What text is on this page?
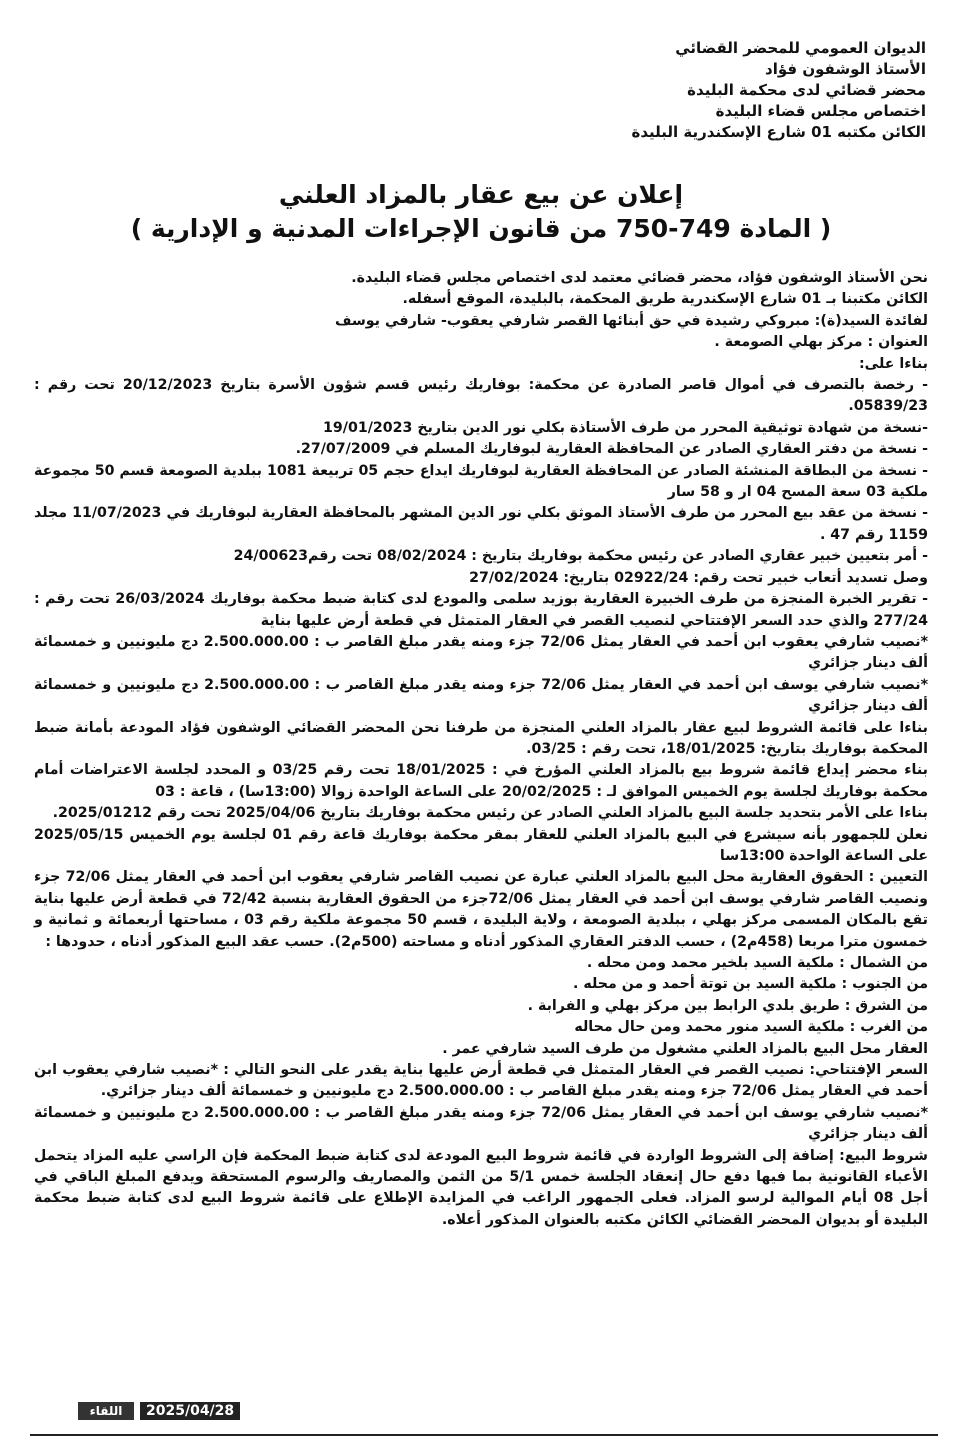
الديوان العمومي للمحضر القضائي
الأستاذ الوشفون فؤاد
محضر قضائي لدى محكمة البليدة
اختصاص مجلس قضاء البليدة
الكائن مكتبه 01 شارع الإسكندرية البليدة
إعلان عن بيع عقار بالمزاد العلني
( المادة 749-750 من قانون الإجراءات المدنية و الإدارية )

نحن الأستاذ الوشفون فؤاد، محضر قضائي معتمد لدى اختصاص مجلس قضاء البليدة.

الكائن مكتبنا بـ 01 شارع الإسكندرية طريق المحكمة، بالبليدة، الموقع أسفله.

لفائدة السيد(ة): مبروكي رشيدة في حق أبنائها القصر شارفي يعقوب- شارفي يوسف

العنوان : مركز بهلي الصومعة .

بناءا على:

- رخصة بالتصرف في أموال قاصر الصادرة عن محكمة: بوفاريك رئيس قسم شؤون الأسرة بتاريخ 20/12/2023 تحت رقم : 05839/23.

-نسخة من شهادة توثيقية المحرر من طرف الأستاذة بكلي نور الدين بتاريخ 19/01/2023

- نسخة من دفتر العقاري الصادر عن المحافظة العقارية لبوفاريك المسلم في 27/07/2009.

- نسخة من البطاقة المنشئة الصادر عن المحافظة العقارية لبوفاريك ايداع حجم 05 تربيعة 1081 ببلدية الصومعة قسم 50 مجموعة ملكية 03 سعة المسح 04 ار و 58 سار

- نسخة من عقد بيع المحرر من طرف الأستاذ الموثق بكلي نور الدين المشهر بالمحافظة العقارية لبوفاريك في 11/07/2023 مجلد 1159 رقم 47 .

- أمر بتعيين خبير عقاري الصادر عن رئيس محكمة بوفاريك بتاريخ : 08/02/2024 تحت رقم24/00623

وصل تسديد أتعاب خبير تحت رقم: 02922/24 بتاريخ: 27/02/2024

- تقرير الخبرة المنجزة من طرف الخبيرة العقارية بوزيد سلمى والمودع لدى كتابة ضبط محكمة بوفاريك 26/03/2024 تحت رقم : 277/24 والذي حدد السعر الإفتتاحي لنصيب القصر في العقار المتمثل في قطعة أرض عليها بناية

*نصيب شارفي يعقوب ابن أحمد في العقار يمثل 72/06 جزء ومنه يقدر مبلغ القاصر ب : 2.500.000.00 دج مليونيين و خمسمائة ألف دينار جزائري

*نصيب شارفي يوسف ابن أحمد في العقار يمثل 72/06 جزء ومنه يقدر مبلغ القاصر ب : 2.500.000.00 دج مليونيين و خمسمائة ألف دينار جزائري

بناءا على قائمة الشروط لبيع عقار بالمزاد العلني المنجزة من طرفنا نحن المحضر القضائي الوشفون فؤاد المودعة بأمانة ضبط المحكمة بوفاريك بتاريخ: 18/01/2025، تحت رقم : 03/25.

بناء محضر إيداع قائمة شروط بيع بالمزاد العلني المؤرخ في : 18/01/2025 تحت رقم 03/25 و المحدد لجلسة الاعتراضات أمام محكمة بوفاريك لجلسة يوم الخميس الموافق لـ : 20/02/2025 على الساعة الواحدة زوالا (13:00سا) ، قاعة : 03

بناءا على الأمر بتحديد جلسة البيع بالمزاد العلني الصادر عن رئيس محكمة بوفاريك بتاريخ 2025/04/06 تحت رقم 2025/01212.

نعلن للجمهور بأنه سيشرع في البيع بالمزاد العلني للعقار بمقر محكمة بوفاريك قاعة رقم 01 لجلسة يوم الخميس 2025/05/15 على الساعة الواحدة 13:00سا

التعيين : الحقوق العقارية محل البيع بالمزاد العلني عبارة عن نصيب القاصر شارفي يعقوب ابن أحمد في العقار يمثل 72/06 جزء ونصيب القاصر شارفي يوسف ابن أحمد في العقار يمثل 72/06جزء من الحقوق العقارية بنسبة 72/42 في قطعة أرض عليها بناية تقع بالمكان المسمى مركز بهلي ، ببلدية الصومعة ، ولاية البليدة ، قسم 50 مجموعة ملكية رقم 03 ، مساحتها أربعمائة و ثمانية و خمسون مترا مربعا (458م2) ، حسب الدفتر العقاري المذكور أدناه و مساحته (500م2). حسب عقد البيع المذكور أدناه ، حدودها :

من الشمال : ملكية السيد بلخير محمد ومن محله .

من الجنوب : ملكية السيد بن توتة أحمد و من محله .

من الشرق : طريق بلدي الرابط بين مركز بهلي و الفرابة .

من الغرب : ملكية السيد منور محمد ومن حال محاله

العقار محل البيع بالمزاد العلني مشغول من طرف السيد شارفي عمر .

السعر الإفتتاحي: نصيب القصر في العقار المتمثل في قطعة أرض عليها بناية يقدر على النحو التالي : *نصيب شارفي يعقوب ابن أحمد في العقار يمثل 72/06 جزء ومنه يقدر مبلغ القاصر ب : 2.500.000.00 دج مليونيين و خمسمائة ألف دينار جزائري.

*نصيب شارفي يوسف ابن أحمد في العقار يمثل 72/06 جزء ومنه يقدر مبلغ القاصر ب : 2.500.000.00 دج مليونيين و خمسمائة ألف دينار جزائري

شروط البيع: إضافة إلى الشروط الواردة في قائمة شروط البيع المودعة لدى كتابة ضبط المحكمة فإن الراسي عليه المزاد يتحمل الأعباء القانونية بما فيها دفع حال إنعقاد الجلسة خمس 5/1 من الثمن والمصاريف والرسوم المستحقة ويدفع المبلغ الباقي في أجل 08 أيام الموالية لرسو المزاد. فعلى الجمهور الراغب في المزايدة الإطلاع على قائمة شروط البيع لدى كتابة ضبط محكمة البليدة أو بديوان المحضر القضائي الكائن مكتبه بالعنوان المذكور أعلاه.

اللقاء	2025/04/28
